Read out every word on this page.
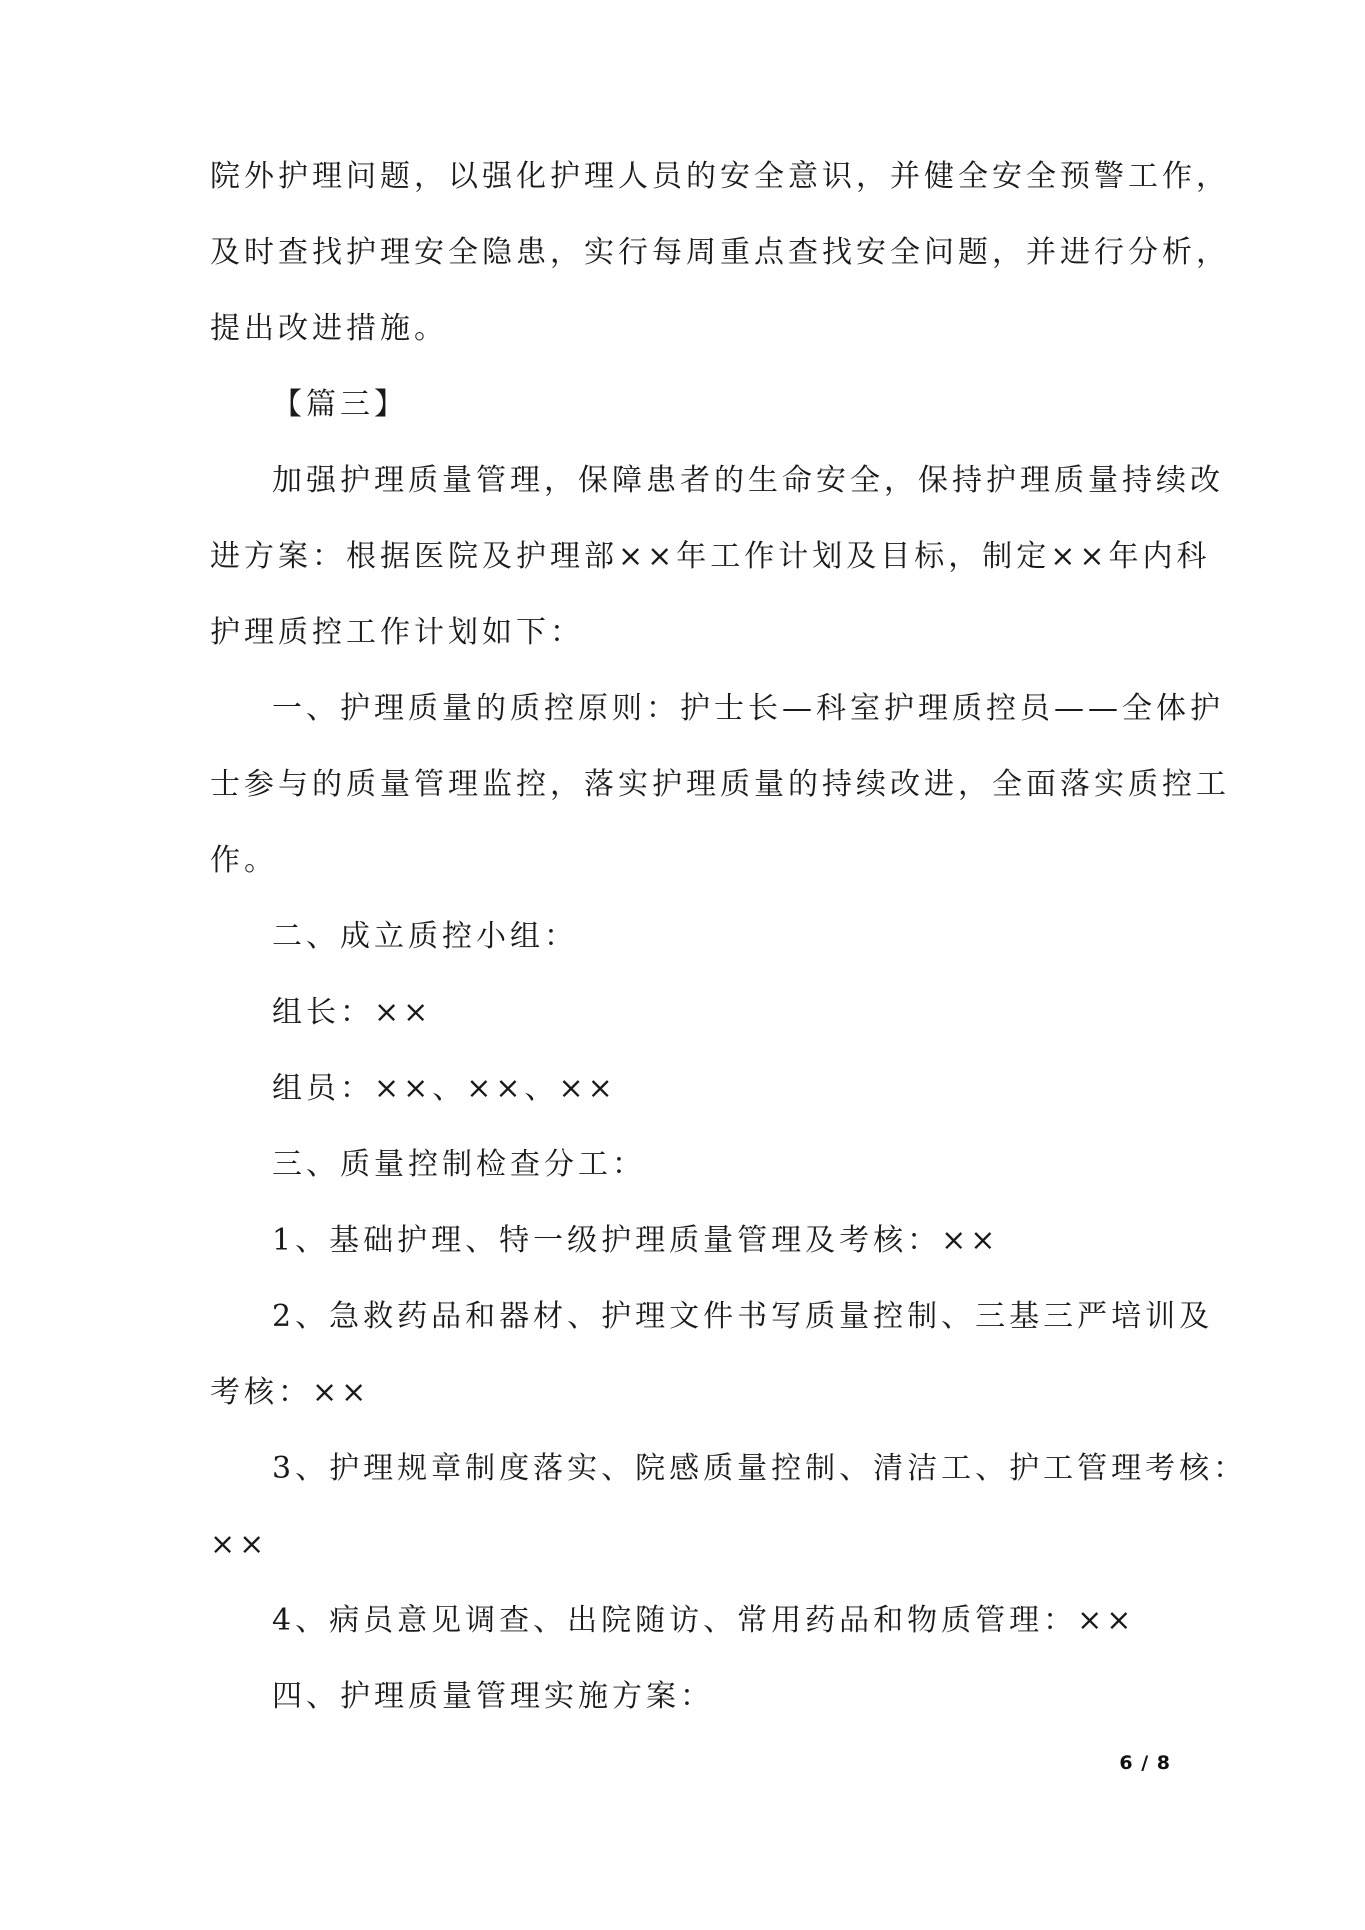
院外护理问题，以强化护理人员的安全意识，并健全安全预警工作，
及时查找护理安全隐患，实行每周重点查找安全问题，并进行分析，
提出改进措施。
【篇三】
加强护理质量管理，保障患者的生命安全，保持护理质量持续改
进方案：根据医院及护理部××年工作计划及目标，制定××年内科
护理质控工作计划如下：
一、护理质量的质控原则：护士长—科室护理质控员——全体护
士参与的质量管理监控，落实护理质量的持续改进，全面落实质控工
作。
二、成立质控小组：
组长：××
组员：××、××、××
三、质量控制检查分工：
1、基础护理、特一级护理质量管理及考核：××
2、急救药品和器材、护理文件书写质量控制、三基三严培训及
考核：××
3、护理规章制度落实、院感质量控制、清洁工、护工管理考核：
××
4、病员意见调查、出院随访、常用药品和物质管理：××
四、护理质量管理实施方案：
6 / 8
